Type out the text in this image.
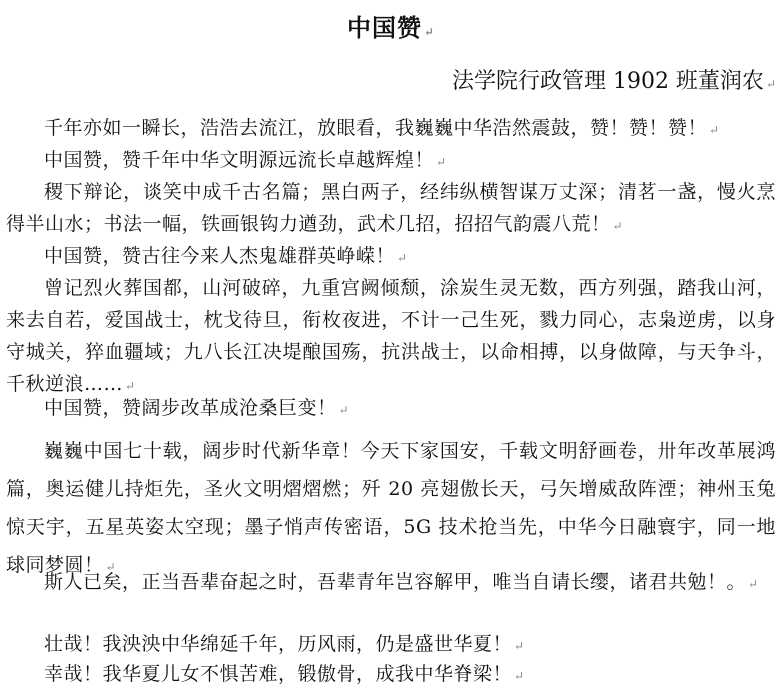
中国赞 ↵
法学院行政管理 1902 班董润农 ↵
千年亦如一瞬长，浩浩去流江，放眼看，我巍巍中华浩然震鼓，赞！赞！赞！ ↵
中国赞，赞千年中华文明源远流长卓越辉煌！ ↵
稷下辩论，谈笑中成千古名篇；黑白两子，经纬纵横智谋万丈深；清茗一盏，慢火烹得半山水；书法一幅，铁画银钩力遒劲，武术几招，招招气韵震八荒！ ↵
中国赞，赞古往今来人杰鬼雄群英峥嵘！ ↵
曾记烈火葬国都，山河破碎，九重宫阙倾颓，涂炭生灵无数，西方列强，踏我山河，来去自若，爱国战士，枕戈待旦，衔枚夜进，不计一己生死，戮力同心，志枭逆虏，以身守城关，猝血疆域；九八长江决堤酿国殇，抗洪战士，以命相搏，以身做障，与天争斗，千秋逆浪…… ↵
中国赞，赞阔步改革成沧桑巨变！ ↵
巍巍中国七十载，阔步时代新华章！今天下家国安，千载文明舒画卷，卅年改革展鸿篇，奥运健儿持炬先，圣火文明熠熠燃；歼 20 亮翅傲长天，弓矢增威敌阵湮；神州玉兔惊天宇，五星英姿太空现；墨子悄声传密语，5G 技术抢当先，中华今日融寰宇，同一地球同梦圆！ ↵
斯人已矣，正当吾辈奋起之时，吾辈青年岂容解甲，唯当自请长缨，诸君共勉！。 ↵
壮哉！我泱泱中华绵延千年，历风雨，仍是盛世华夏！ ↵
幸哉！我华夏儿女不惧苦难，锻傲骨，成我中华脊梁！ ↵
